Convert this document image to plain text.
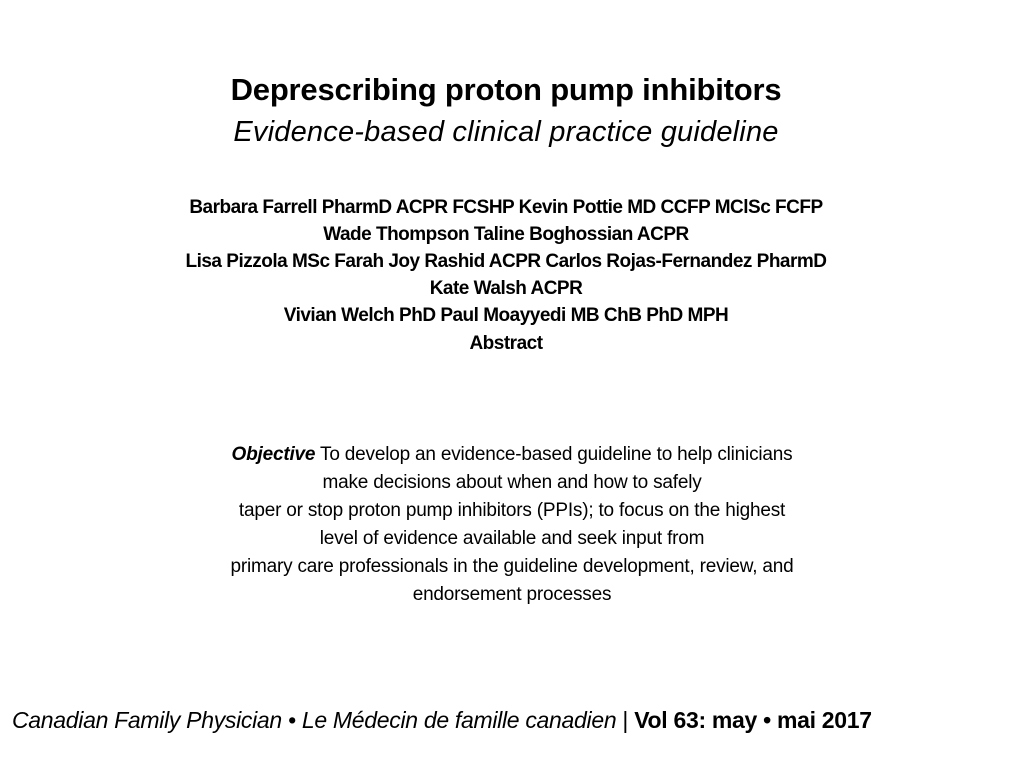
Deprescribing proton pump inhibitors
Evidence-based clinical practice guideline
Barbara Farrell PharmD ACPR FCSHP Kevin Pottie MD CCFP MClSc FCFP
Wade Thompson Taline Boghossian ACPR
Lisa Pizzola MSc Farah Joy Rashid ACPR Carlos Rojas-Fernandez PharmD
Kate Walsh ACPR
Vivian Welch PhD Paul Moayyedi MB ChB PhD MPH
Abstract
Objective To develop an evidence-based guideline to help clinicians
make decisions about when and how to safely
taper or stop proton pump inhibitors (PPIs); to focus on the highest
level of evidence available and seek input from
primary care professionals in the guideline development, review, and
endorsement processes
Canadian Family Physician • Le Médecin de famille canadien | Vol 63: may • mai 2017
